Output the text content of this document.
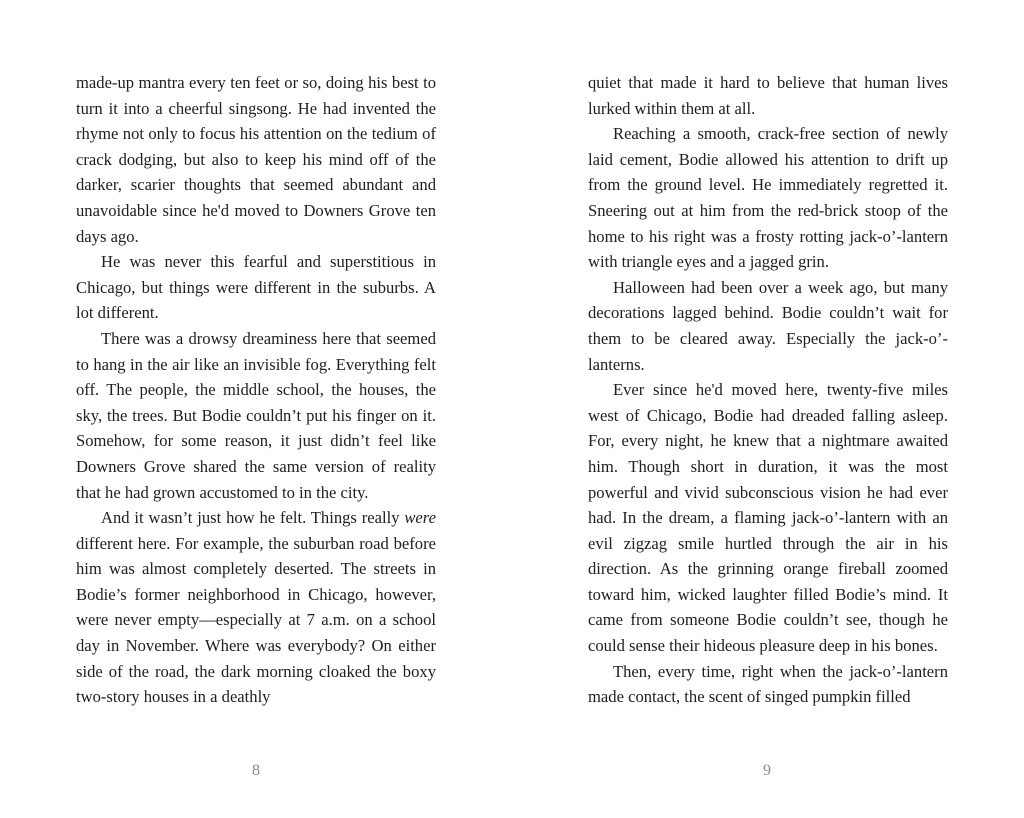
made-up mantra every ten feet or so, doing his best to turn it into a cheerful singsong. He had invented the rhyme not only to focus his attention on the tedium of crack dodging, but also to keep his mind off of the darker, scarier thoughts that seemed abundant and unavoidable since he'd moved to Downers Grove ten days ago.

He was never this fearful and superstitious in Chicago, but things were different in the suburbs. A lot different.

There was a drowsy dreaminess here that seemed to hang in the air like an invisible fog. Everything felt off. The people, the middle school, the houses, the sky, the trees. But Bodie couldn’t put his finger on it. Somehow, for some reason, it just didn’t feel like Downers Grove shared the same version of reality that he had grown accustomed to in the city.

And it wasn’t just how he felt. Things really were different here. For example, the suburban road before him was almost completely deserted. The streets in Bodie’s former neighborhood in Chicago, however, were never empty—especially at 7 a.m. on a school day in November. Where was everybody? On either side of the road, the dark morning cloaked the boxy two-story houses in a deathly

quiet that made it hard to believe that human lives lurked within them at all.

Reaching a smooth, crack-free section of newly laid cement, Bodie allowed his attention to drift up from the ground level. He immediately regretted it. Sneering out at him from the red-brick stoop of the home to his right was a frosty rotting jack-o’-lantern with triangle eyes and a jagged grin.

Halloween had been over a week ago, but many decorations lagged behind. Bodie couldn’t wait for them to be cleared away. Especially the jack-o’-lanterns.

Ever since he'd moved here, twenty-five miles west of Chicago, Bodie had dreaded falling asleep. For, every night, he knew that a nightmare awaited him. Though short in duration, it was the most powerful and vivid subconscious vision he had ever had. In the dream, a flaming jack-o’-lantern with an evil zigzag smile hurtled through the air in his direction. As the grinning orange fireball zoomed toward him, wicked laughter filled Bodie’s mind. It came from someone Bodie couldn’t see, though he could sense their hideous pleasure deep in his bones.

Then, every time, right when the jack-o’-lantern made contact, the scent of singed pumpkin filled

8	9
